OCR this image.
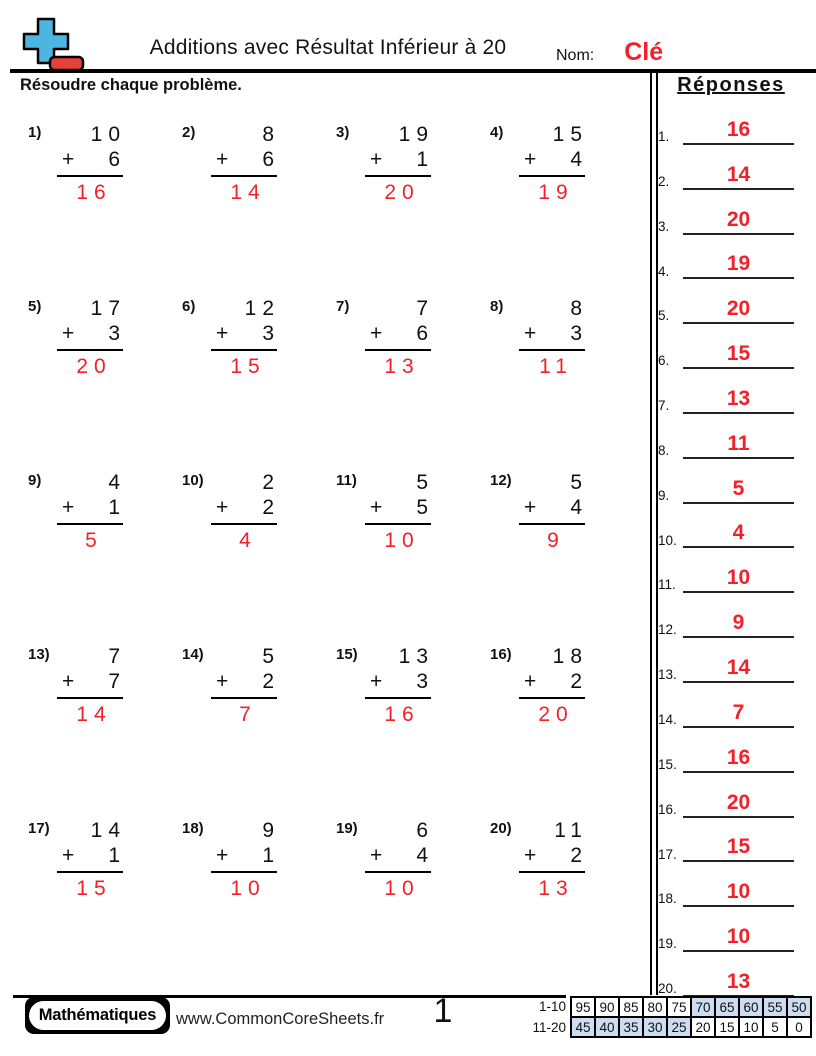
Additions avec Résultat Inférieur à 20	Nom: Clé
Résoudre chaque problème.
1)	10
+ 6
16
2)	8
+ 6
14
3)	19
+ 1
20
4)	15
+ 4
19
5)	17
+ 3
20
6)	12
+ 3
15
7)	7
+ 6
13
8)	8
+ 3
11
9)	4
+ 1
5
10)	2
+ 2
4
11)	5
+ 5
10
12)	5
+ 4
9
13)	7
+ 7
14
14)	5
+ 2
7
15)	13
+ 3
16
16)	18
+ 2
20
17)	14
+ 1
15
18)	9
+ 1
10
19)	6
+ 4
10
20)	11
+ 2
13
Réponses
1.	16
2.	14
3.	20
4.	19
5.	20
6.	15
7.	13
8.	11
9.	5
10.	4
11.	10
12.	9
13.	14
14.	7
15.	16
16.	20
17.	15
18.	10
19.	10
20.	13
Mathématiques	www.CommonCoreSheets.fr	1	1-10
11-20
95 90 85 80 75 70 65 60 55 50
45 40 35 30 25 20 15 10 5	0
